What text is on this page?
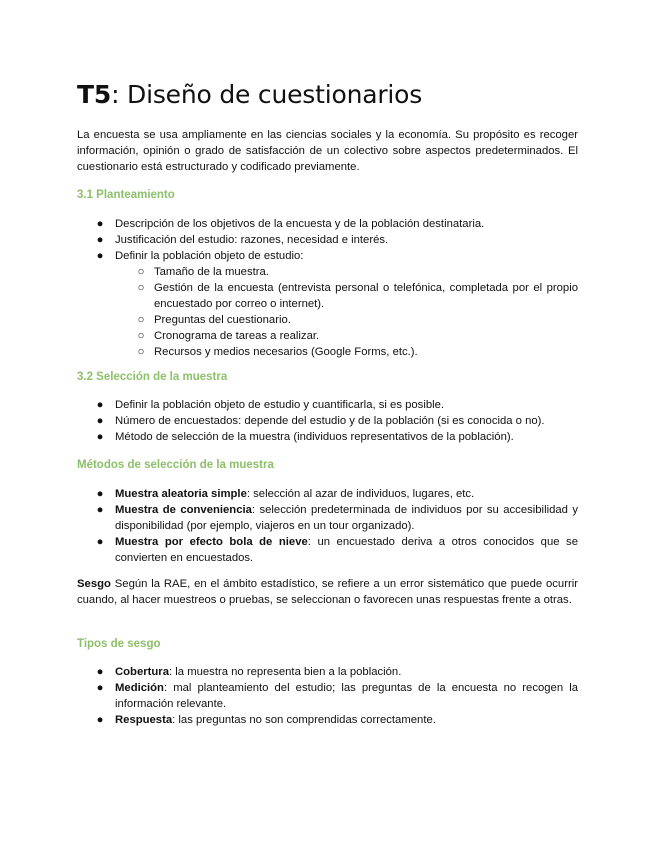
T5: Diseño de cuestionarios

La encuesta se usa ampliamente en las ciencias sociales y la economía. Su propósito es recoger información, opinión o grado de satisfacción de un colectivo sobre aspectos predeterminados. El cuestionario está estructurado y codificado previamente.

3.1 Planteamiento

● Descripción de los objetivos de la encuesta y de la población destinataria.
● Justificación del estudio: razones, necesidad e interés.
● Definir la población objeto de estudio:
○ Tamaño de la muestra.
○ Gestión de la encuesta (entrevista personal o telefónica, completada por el propio encuestado por correo o internet).
○ Preguntas del cuestionario.
○ Cronograma de tareas a realizar.
○ Recursos y medios necesarios (Google Forms, etc.).

3.2 Selección de la muestra

● Definir la población objeto de estudio y cuantificarla, si es posible.
● Número de encuestados: depende del estudio y de la población (si es conocida o no).
● Método de selección de la muestra (individuos representativos de la población).

Métodos de selección de la muestra

● Muestra aleatoria simple: selección al azar de individuos, lugares, etc.
● Muestra de conveniencia: selección predeterminada de individuos por su accesibilidad y disponibilidad (por ejemplo, viajeros en un tour organizado).
● Muestra por efecto bola de nieve: un encuestado deriva a otros conocidos que se convierten en encuestados.

Sesgo Según la RAE, en el ámbito estadístico, se refiere a un error sistemático que puede ocurrir cuando, al hacer muestreos o pruebas, se seleccionan o favorecen unas respuestas frente a otras.

Tipos de sesgo

● Cobertura: la muestra no representa bien a la población.
● Medición: mal planteamiento del estudio; las preguntas de la encuesta no recogen la información relevante.
● Respuesta: las preguntas no son comprendidas correctamente.
